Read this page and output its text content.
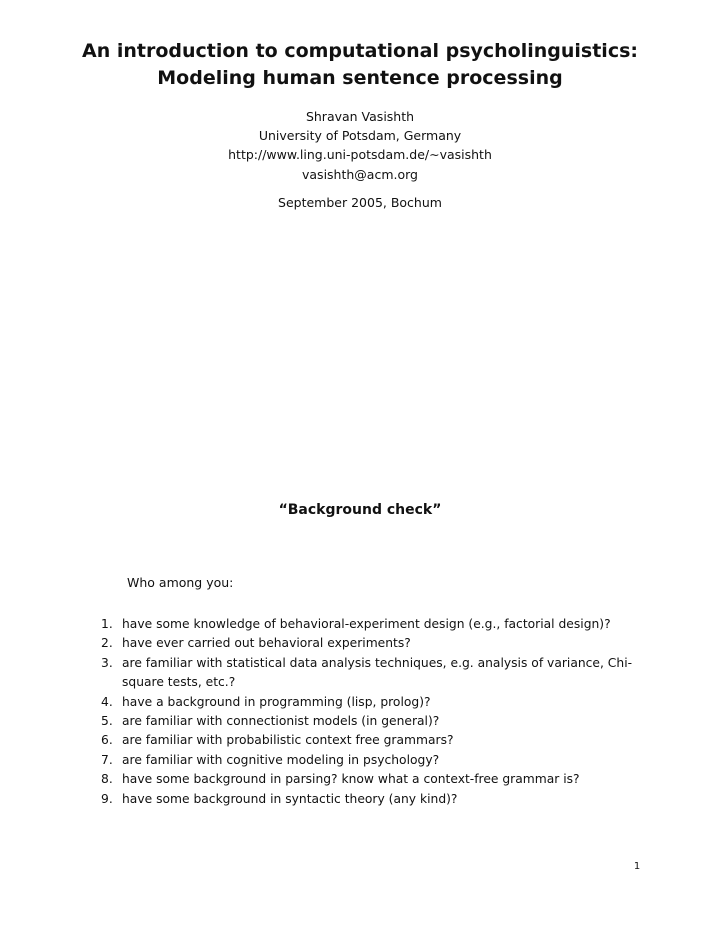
An introduction to computational psycholinguistics:

Modeling human sentence processing

Shravan Vasishth

University of Potsdam, Germany

http://www.ling.uni-potsdam.de/∼vasishth

vasishth@acm.org

September 2005, Bochum
“Background check”
Who among you:
1. have some knowledge of behavioral-experiment design (e.g., factorial design)?
2. have ever carried out behavioral experiments?
3. are familiar with statistical data analysis techniques, e.g. analysis of variance, Chi-square tests, etc.?
4. have a background in programming (lisp, prolog)?
5. are familiar with connectionist models (in general)?
6. are familiar with probabilistic context free grammars?
7. are familiar with cognitive modeling in psychology?
8. have some background in parsing? know what a context-free grammar is?
9. have some background in syntactic theory (any kind)?
1
